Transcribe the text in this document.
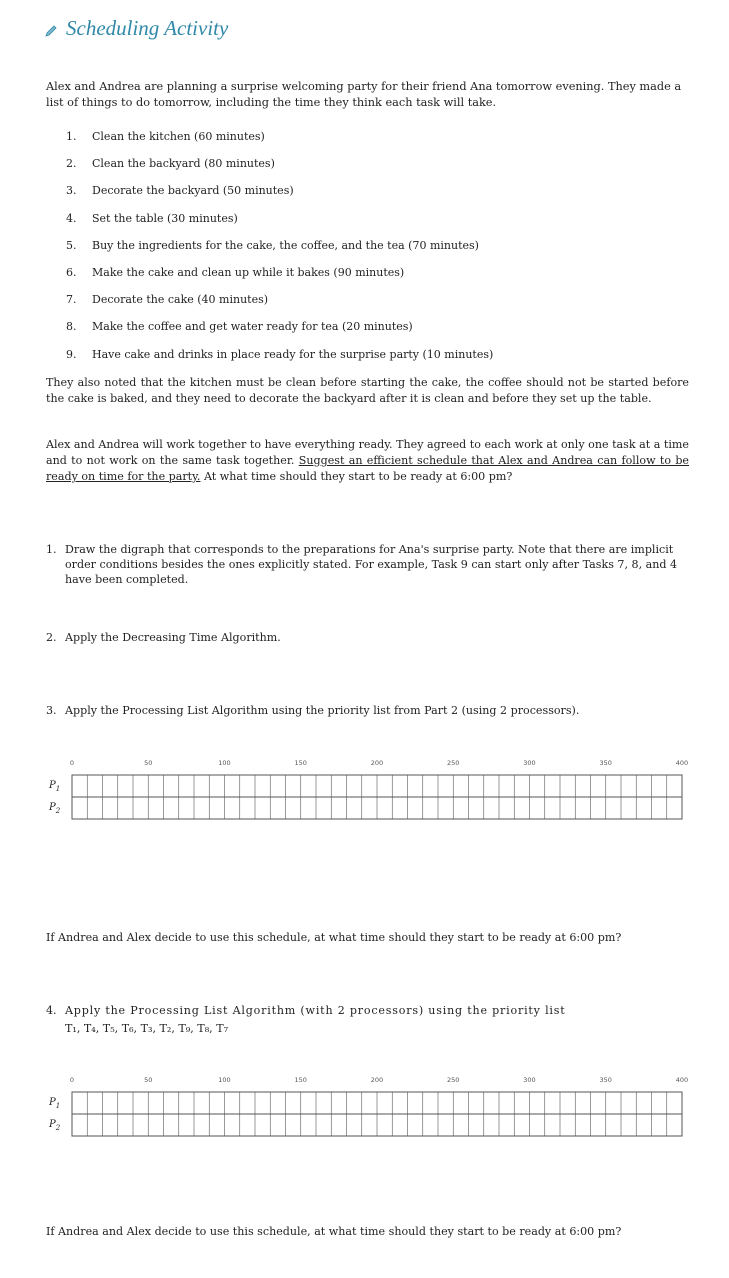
Scheduling Activity
Alex and Andrea are planning a surprise welcoming party for their friend Ana tomorrow evening. They made a list of things to do tomorrow, including the time they think each task will take.
1. Clean the kitchen (60 minutes)
2. Clean the backyard (80 minutes)
3. Decorate the backyard (50 minutes)
4. Set the table (30 minutes)
5. Buy the ingredients for the cake, the coffee, and the tea (70 minutes)
6. Make the cake and clean up while it bakes (90 minutes)
7. Decorate the cake (40 minutes)
8. Make the coffee and get water ready for tea (20 minutes)
9. Have cake and drinks in place ready for the surprise party (10 minutes)
They also noted that the kitchen must be clean before starting the cake, the coffee should not be started before the cake is baked, and they need to decorate the backyard after it is clean and before they set up the table.
Alex and Andrea will work together to have everything ready. They agreed to each work at only one task at a time and to not work on the same task together. Suggest an efficient schedule that Alex and Andrea can follow to be ready on time for the party. At what time should they start to be ready at 6:00 pm?
1. Draw the digraph that corresponds to the preparations for Ana's surprise party. Note that there are implicit order conditions besides the ones explicitly stated. For example, Task 9 can start only after Tasks 7, 8, and 4 have been completed.
2. Apply the Decreasing Time Algorithm.
3. Apply the Processing List Algorithm using the priority list from Part 2 (using 2 processors).
0	50	100	150	200	250	300	350	400
$P_1$
$P_2$
If Andrea and Alex decide to use this schedule, at what time should they start to be ready at 6:00 pm?
4. Apply the Processing List Algorithm (with 2 processors) using the priority list
T₁, T₄, T₅, T₆, T₃, T₂, T₉, T₈, T₇
0	50	100	150	200	250	300	350	400
$P_1$
$P_2$
If Andrea and Alex decide to use this schedule, at what time should they start to be ready at 6:00 pm?
